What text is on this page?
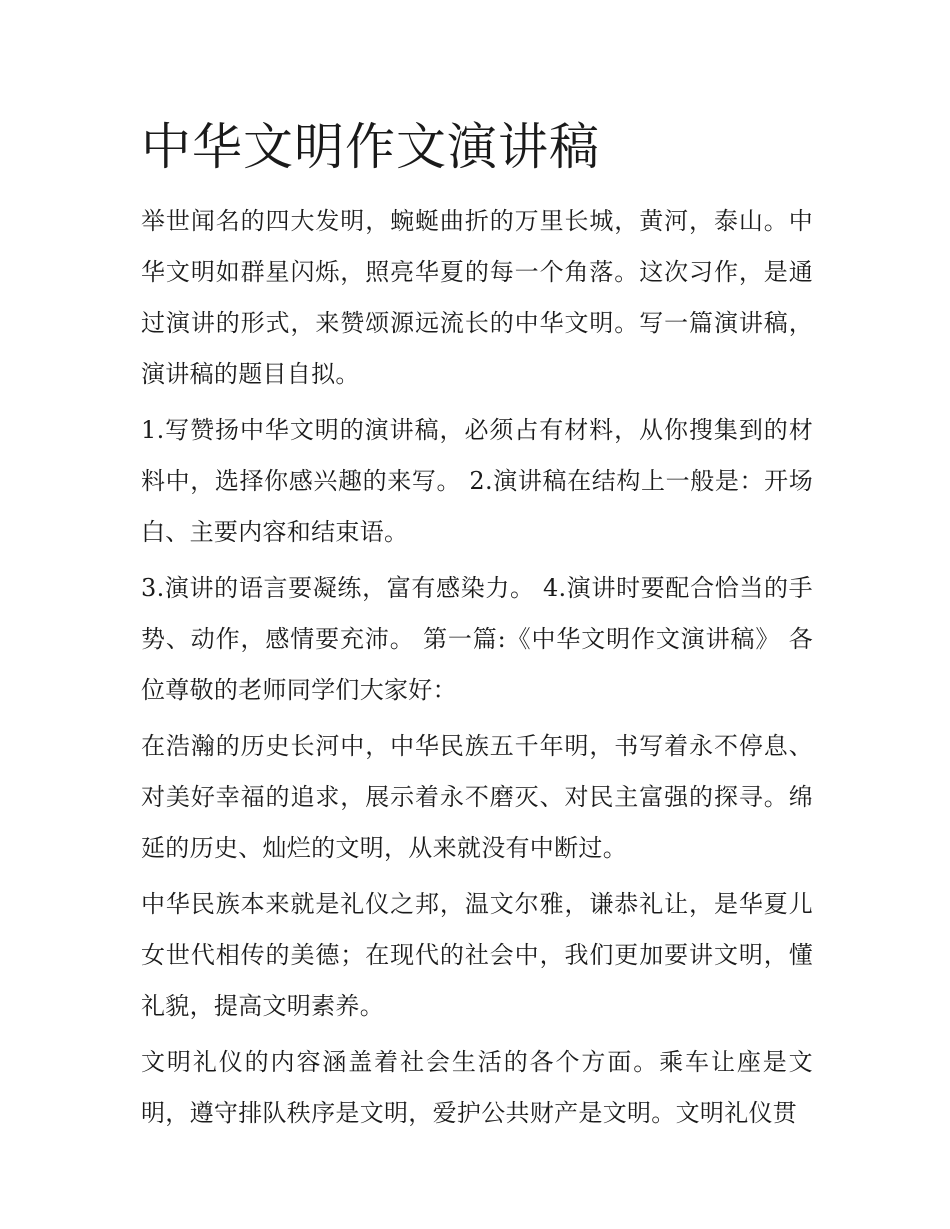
中华文明作文演讲稿

举世闻名的四大发明，蜿蜒曲折的万里长城，黄河，泰山。中华文明如群星闪烁，照亮华夏的每一个角落。这次习作，是通过演讲的形式，来赞颂源远流长的中华文明。写一篇演讲稿，演讲稿的题目自拟。

1.写赞扬中华文明的演讲稿，必须占有材料，从你搜集到的材料中，选择你感兴趣的来写。 2.演讲稿在结构上一般是：开场白、主要内容和结束语。

3.演讲的语言要凝练，富有感染力。 4.演讲时要配合恰当的手势、动作，感情要充沛。 第一篇:《中华文明作文演讲稿》 各位尊敬的老师同学们大家好：

在浩瀚的历史长河中，中华民族五千年明，书写着永不停息、对美好幸福的追求，展示着永不磨灭、对民主富强的探寻。绵延的历史、灿烂的文明，从来就没有中断过。

中华民族本来就是礼仪之邦，温文尔雅，谦恭礼让，是华夏儿女世代相传的美德；在现代的社会中，我们更加要讲文明，懂礼貌，提高文明素养。

文明礼仪的内容涵盖着社会生活的各个方面。乘车让座是文明，遵守排队秩序是文明，爱护公共财产是文明。文明礼仪贯
